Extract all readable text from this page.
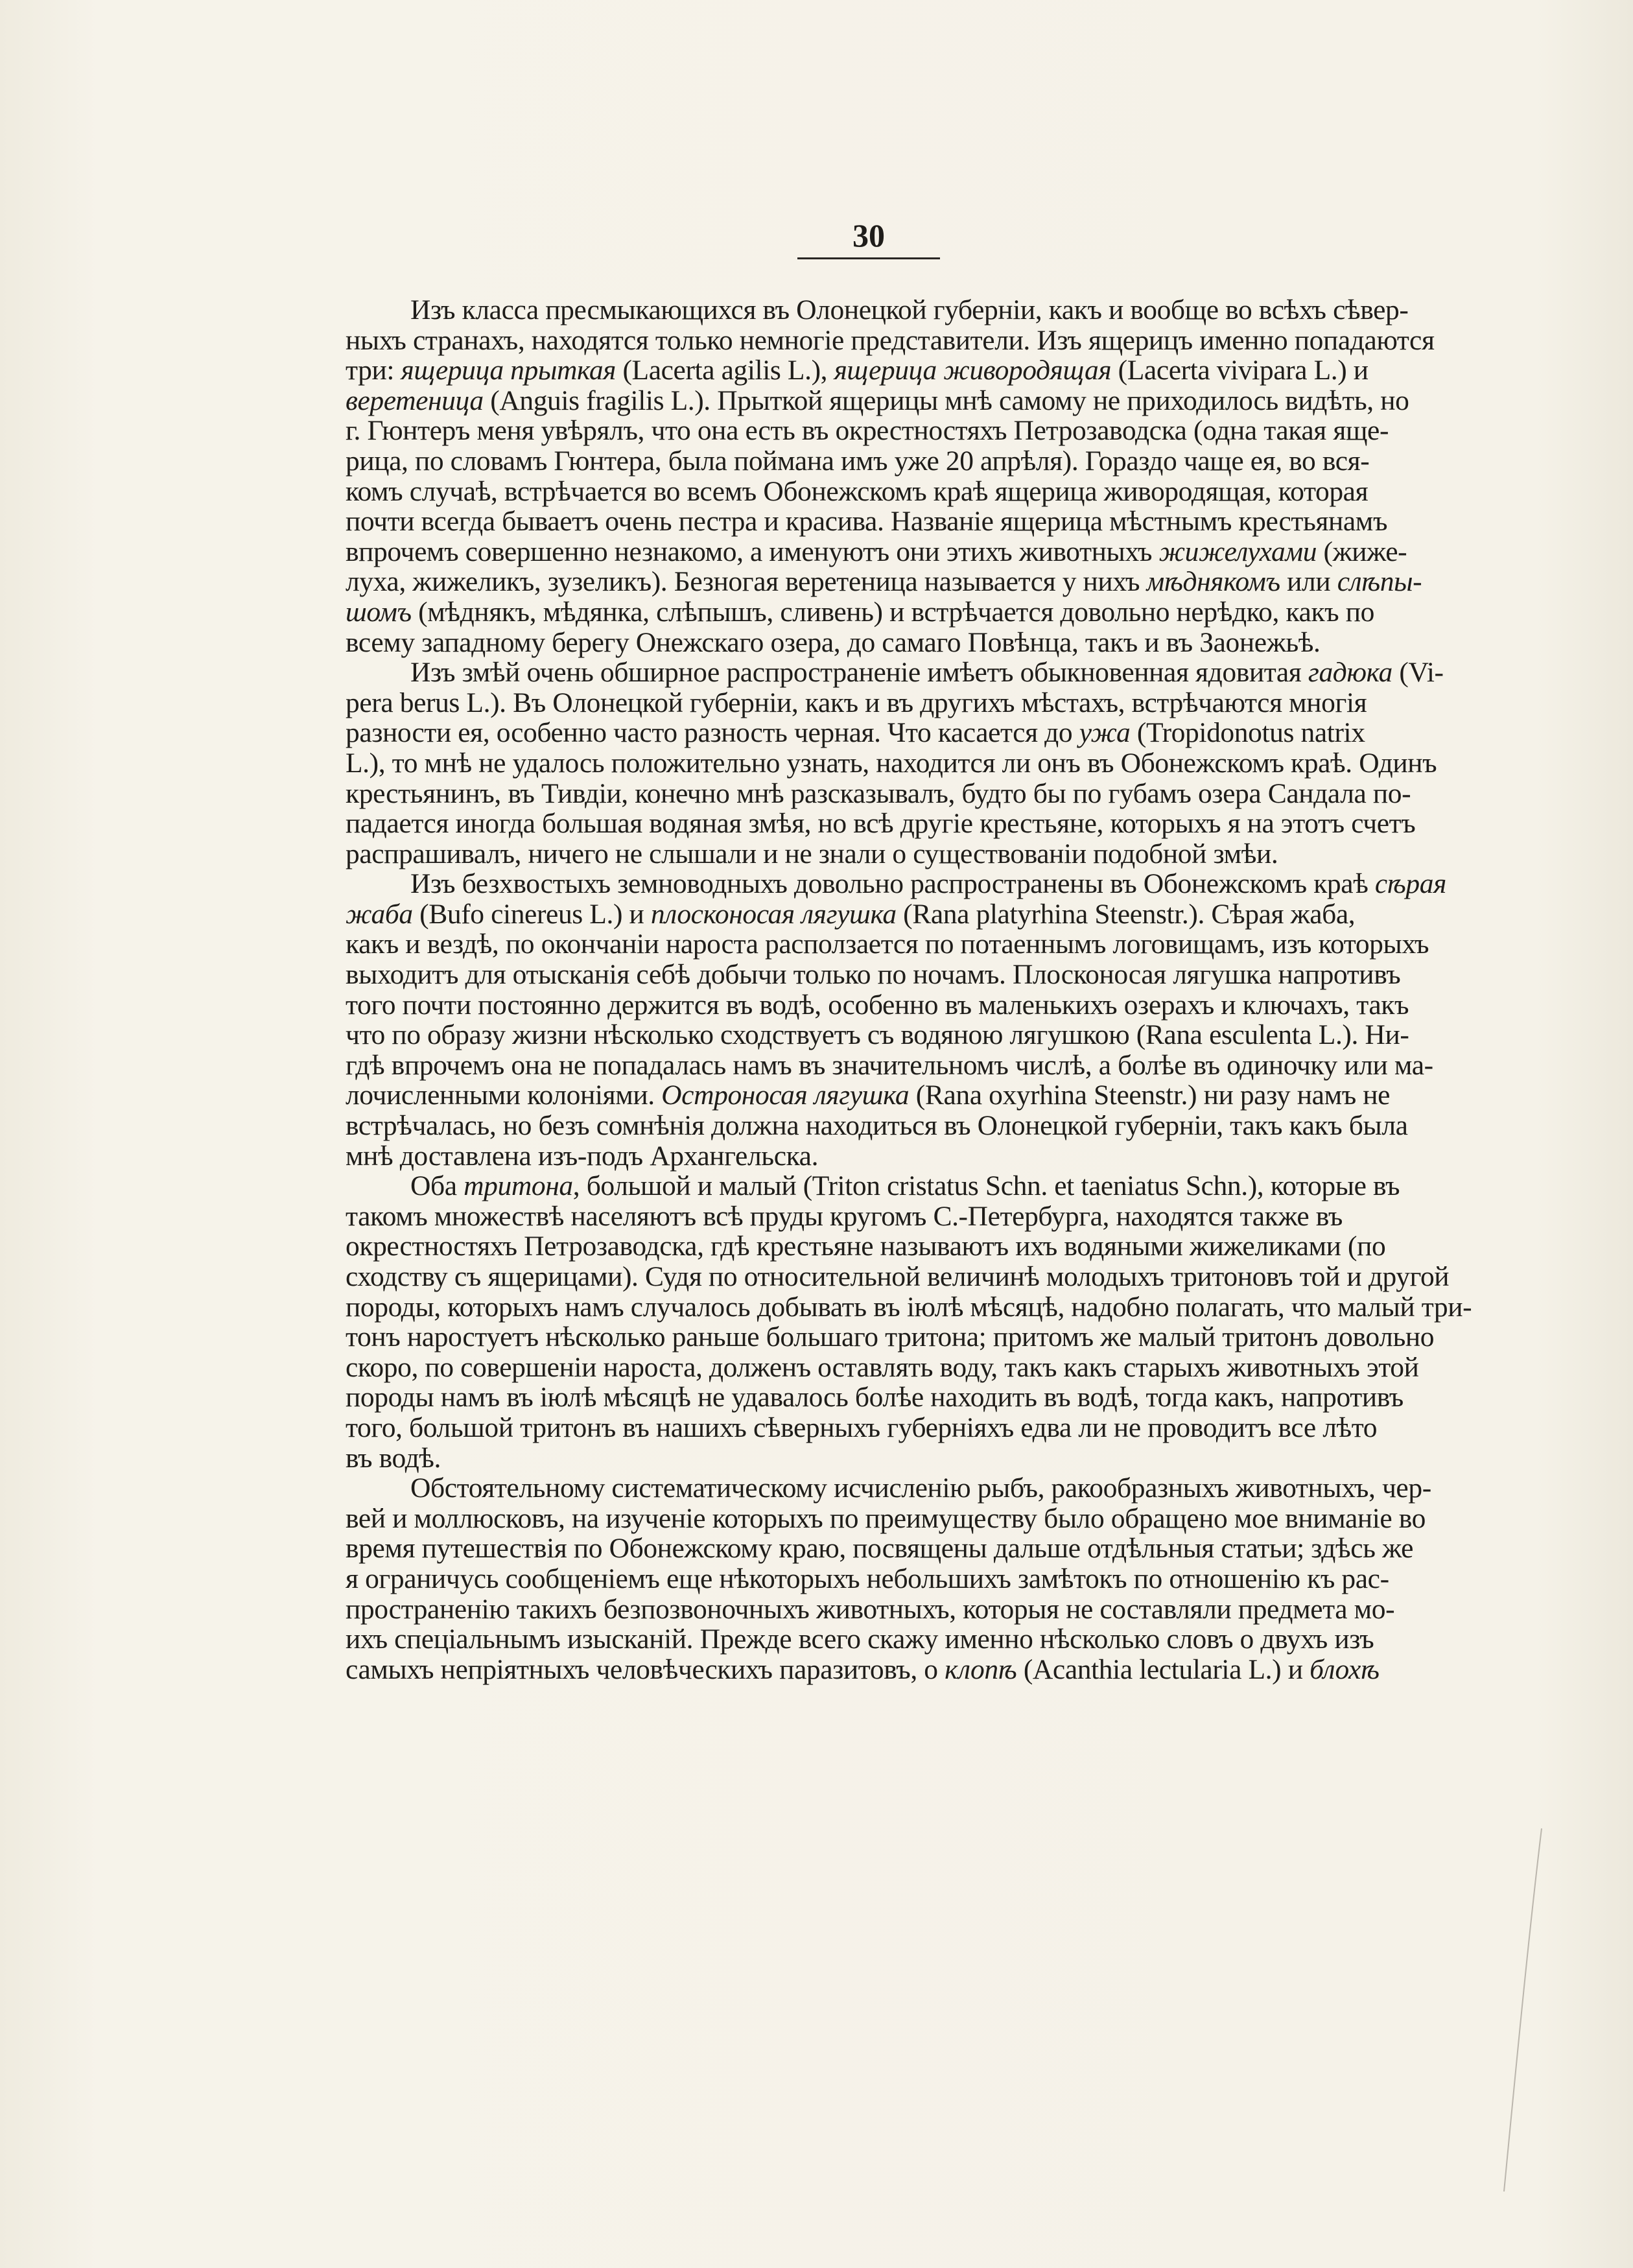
30

Изъ класса пресмыкающихся въ Олонецкой губерніи, какъ и вообще во всѣхъ сѣвер-
ныхъ странахъ, находятся только немногіе представители. Изъ ящерицъ именно попадаются
три: ящерица прыткая (Lacerta agilis L.), ящерица живородящая (Lacerta vivipara L.) и
веретеница (Anguis fragilis L.). Прыткой ящерицы мнѣ самому не приходилось видѣть, но
г. Гюнтеръ меня увѣрялъ, что она есть въ окрестностяхъ Петрозаводска (одна такая яще-
рица, по словамъ Гюнтера, была поймана имъ уже 20 апрѣля). Гораздо чаще ея, во вся-
комъ случаѣ, встрѣчается во всемъ Обонежскомъ краѣ ящерица живородящая, которая
почти всегда бываетъ очень пестра и красива. Названіе ящерица мѣстнымъ крестьянамъ
впрочемъ совершенно незнакомо, а именуютъ они этихъ животныхъ жижелухами (жиже-
луха, жижеликъ, зузеликъ). Безногая веретеница называется у нихъ мѣднякомъ или слѣпы-
шомъ (мѣднякъ, мѣдянка, слѣпышъ, сливень) и встрѣчается довольно нерѣдко, какъ по
всему западному берегу Онежскаго озера, до самаго Повѣнца, такъ и въ Заонежьѣ.

Изъ змѣй очень обширное распространеніе имѣетъ обыкновенная ядовитая гадюка (Vi-
pera berus L.). Въ Олонецкой губерніи, какъ и въ другихъ мѣстахъ, встрѣчаются многія
разности ея, особенно часто разность черная. Что касается до ужа (Tropidonotus natrix
L.), то мнѣ не удалось положительно узнать, находится ли онъ въ Обонежскомъ краѣ. Одинъ
крестьянинъ, въ Тивдіи, конечно мнѣ разсказывалъ, будто бы по губамъ озера Сандала по-
падается иногда большая водяная змѣя, но всѣ другіе крестьяне, которыхъ я на этотъ счетъ
распрашивалъ, ничего не слышали и не знали о существованіи подобной змѣи.

Изъ безхвостыхъ земноводныхъ довольно распространены въ Обонежскомъ краѣ сѣрая
жаба (Bufo cinereus L.) и плосконосая лягушка (Rana platyrhina Steenstr.). Сѣрая жаба,
какъ и вездѣ, по окончаніи нароста расползается по потаеннымъ логовищамъ, изъ которыхъ
выходитъ для отысканія себѣ добычи только по ночамъ. Плосконосая лягушка напротивъ
того почти постоянно держится въ водѣ, особенно въ маленькихъ озерахъ и ключахъ, такъ
что по образу жизни нѣсколько сходствуетъ съ водяною лягушкою (Rana esculenta L.). Ни-
гдѣ впрочемъ она не попадалась намъ въ значительномъ числѣ, а болѣе въ одиночку или ма-
лочисленными колоніями. Остроносая лягушка (Rana oxyrhina Steenstr.) ни разу намъ не
встрѣчалась, но безъ сомнѣнія должна находиться въ Олонецкой губерніи, такъ какъ была
мнѣ доставлена изъ-подъ Архангельска.

Оба тритона, большой и малый (Triton cristatus Schn. et taeniatus Schn.), которые въ
такомъ множествѣ населяютъ всѣ пруды кругомъ С.-Петербурга, находятся также въ
окрестностяхъ Петрозаводска, гдѣ крестьяне называютъ ихъ водяными жижеликами (по
сходству съ ящерицами). Судя по относительной величинѣ молодыхъ тритоновъ той и другой
породы, которыхъ намъ случалось добывать въ іюлѣ мѣсяцѣ, надобно полагать, что малый три-
тонъ наростуетъ нѣсколько раньше большаго тритона; притомъ же малый тритонъ довольно
скоро, по совершеніи нароста, долженъ оставлять воду, такъ какъ старыхъ животныхъ этой
породы намъ въ іюлѣ мѣсяцѣ не удавалось болѣе находить въ водѣ, тогда какъ, напротивъ
того, большой тритонъ въ нашихъ сѣверныхъ губерніяхъ едва ли не проводитъ все лѣто
въ водѣ.

Обстоятельному систематическому исчисленію рыбъ, ракообразныхъ животныхъ, чер-
вей и моллюсковъ, на изученіе которыхъ по преимуществу было обращено мое вниманіе во
время путешествія по Обонежскому краю, посвящены дальше отдѣльныя статьи; здѣсь же
я ограничусь сообщеніемъ еще нѣкоторыхъ небольшихъ замѣтокъ по отношенію къ рас-
пространенію такихъ безпозвоночныхъ животныхъ, которыя не составляли предмета мо-
ихъ спеціальнымъ изысканій. Прежде всего скажу именно нѣсколько словъ о двухъ изъ
самыхъ непріятныхъ человѣческихъ паразитовъ, о клопѣ (Acanthia lectularia L.) и блохѣ
